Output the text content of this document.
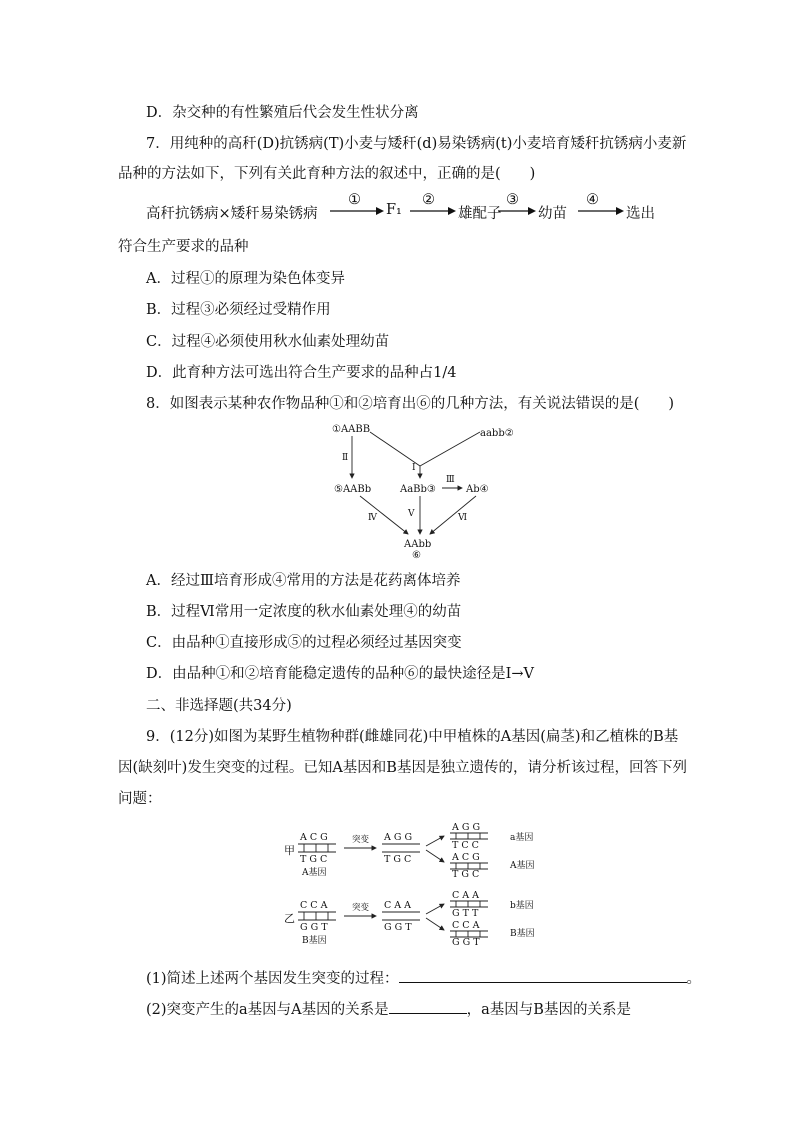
D．杂交种的有性繁殖后代会发生性状分离
7．用纯种的高秆(D)抗锈病(T)小麦与矮秆(d)易染锈病(t)小麦培育矮秆抗锈病小麦新
品种的方法如下，下列有关此育种方法的叙述中，正确的是(　　)
高秆抗锈病×矮秆易染锈病
①
F₁
②
雄配子
③
幼苗
④
选出
符合生产要求的品种
A．过程①的原理为染色体变异
B．过程③必须经过受精作用
C．过程④必须使用秋水仙素处理幼苗
D．此育种方法可选出符合生产要求的品种占1/4
8．如图表示某种农作物品种①和②培育出⑥的几种方法，有关说法错误的是(　　)
①AABB	aabb②
AaBb③	Ab④
⑤AABb
AAbb
⑥
Ⅱ
Ⅰ
Ⅲ
Ⅳ	Ⅴ	Ⅵ
A．经过Ⅲ培育形成④常用的方法是花药离体培养
B．过程Ⅵ常用一定浓度的秋水仙素处理④的幼苗
C．由品种①直接形成⑤的过程必须经过基因突变
D．由品种①和②培育能稳定遗传的品种⑥的最快途径是Ⅰ→Ⅴ
二、非选择题(共34分)
9．(12分)如图为某野生植物种群(雌雄同花)中甲植株的A基因(扁茎)和乙植株的B基
因(缺刻叶)发生突变的过程。已知A基因和B基因是独立遗传的，请分析该过程，回答下列
问题：
甲
A C G
T G C
A基因
突变 A G G
T G C
A G G
T C C
a基因
A C G
T G C
A基因
乙
C C A
G G T
B基因
突变 C A A
G G T
C A A
G T T
b基因
C C A
G G T
B基因
(1)简述上述两个基因发生突变的过程：	。
(2)突变产生的a基因与A基因的关系是	，a基因与B基因的关系是
